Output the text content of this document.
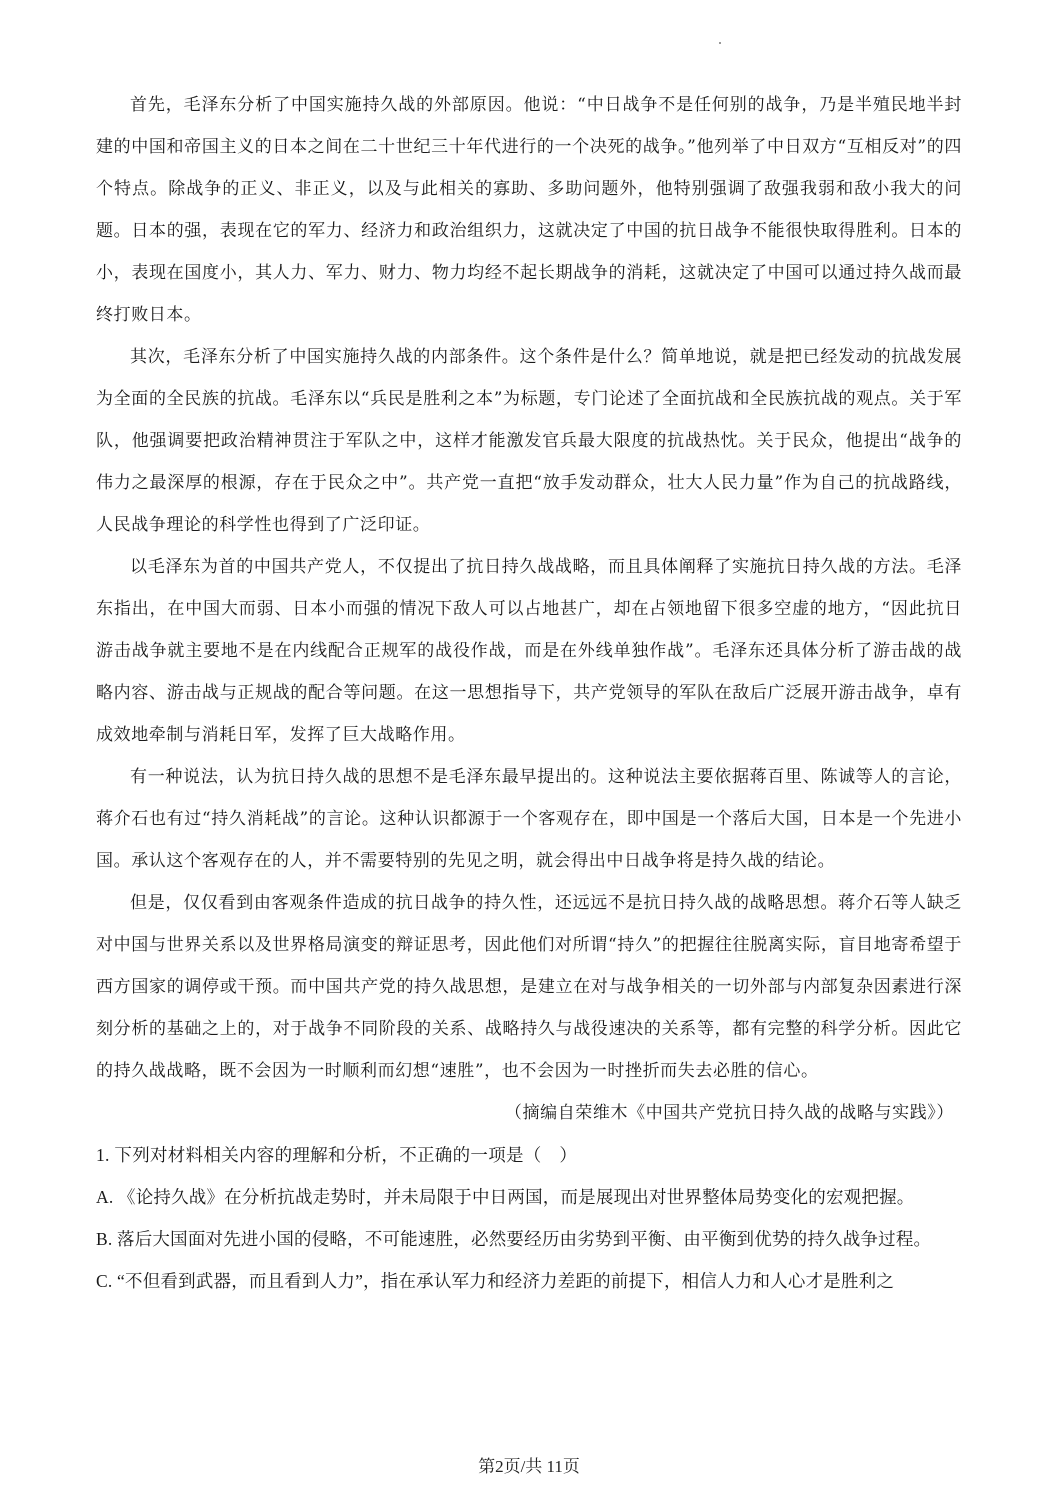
首先，毛泽东分析了中国实施持久战的外部原因。他说：“中日战争不是任何别的战争，乃是半殖民地半封建的中国和帝国主义的日本之间在二十世纪三十年代进行的一个决死的战争。”他列举了中日双方“互相反对”的四个特点。除战争的正义、非正义，以及与此相关的寡助、多助问题外，他特别强调了敌强我弱和敌小我大的问题。日本的强，表现在它的军力、经济力和政治组织力，这就决定了中国的抗日战争不能很快取得胜利。日本的小，表现在国度小，其人力、军力、财力、物力均经不起长期战争的消耗，这就决定了中国可以通过持久战而最终打败日本。

其次，毛泽东分析了中国实施持久战的内部条件。这个条件是什么？简单地说，就是把已经发动的抗战发展为全面的全民族的抗战。毛泽东以“兵民是胜利之本”为标题，专门论述了全面抗战和全民族抗战的观点。关于军队，他强调要把政治精神贯注于军队之中，这样才能激发官兵最大限度的抗战热忱。关于民众，他提出“战争的伟力之最深厚的根源，存在于民众之中”。共产党一直把“放手发动群众，壮大人民力量”作为自己的抗战路线，人民战争理论的科学性也得到了广泛印证。

以毛泽东为首的中国共产党人，不仅提出了抗日持久战战略，而且具体阐释了实施抗日持久战的方法。毛泽东指出，在中国大而弱、日本小而强的情况下敌人可以占地甚广，却在占领地留下很多空虚的地方，“因此抗日游击战争就主要地不是在内线配合正规军的战役作战，而是在外线单独作战”。毛泽东还具体分析了游击战的战略内容、游击战与正规战的配合等问题。在这一思想指导下，共产党领导的军队在敌后广泛展开游击战争，卓有成效地牵制与消耗日军，发挥了巨大战略作用。

有一种说法，认为抗日持久战的思想不是毛泽东最早提出的。这种说法主要依据蒋百里、陈诚等人的言论，蒋介石也有过“持久消耗战”的言论。这种认识都源于一个客观存在，即中国是一个落后大国，日本是一个先进小国。承认这个客观存在的人，并不需要特别的先见之明，就会得出中日战争将是持久战的结论。

但是，仅仅看到由客观条件造成的抗日战争的持久性，还远远不是抗日持久战的战略思想。蒋介石等人缺乏对中国与世界关系以及世界格局演变的辩证思考，因此他们对所谓“持久”的把握往往脱离实际，盲目地寄希望于西方国家的调停或干预。而中国共产党的持久战思想，是建立在对与战争相关的一切外部与内部复杂因素进行深刻分析的基础之上的，对于战争不同阶段的关系、战略持久与战役速决的关系等，都有完整的科学分析。因此它的持久战战略，既不会因为一时顺利而幻想“速胜”，也不会因为一时挫折而失去必胜的信心。

（摘编自荣维木《中国共产党抗日持久战的战略与实践》）

1. 下列对材料相关内容的理解和分析，不正确的一项是（　）

A. 《论持久战》在分析抗战走势时，并未局限于中日两国，而是展现出对世界整体局势变化的宏观把握。

B. 落后大国面对先进小国的侵略，不可能速胜，必然要经历由劣势到平衡、由平衡到优势的持久战争过程。

C. “不但看到武器，而且看到人力”，指在承认军力和经济力差距的前提下，相信人力和人心才是胜利之

第2页/共 11页
